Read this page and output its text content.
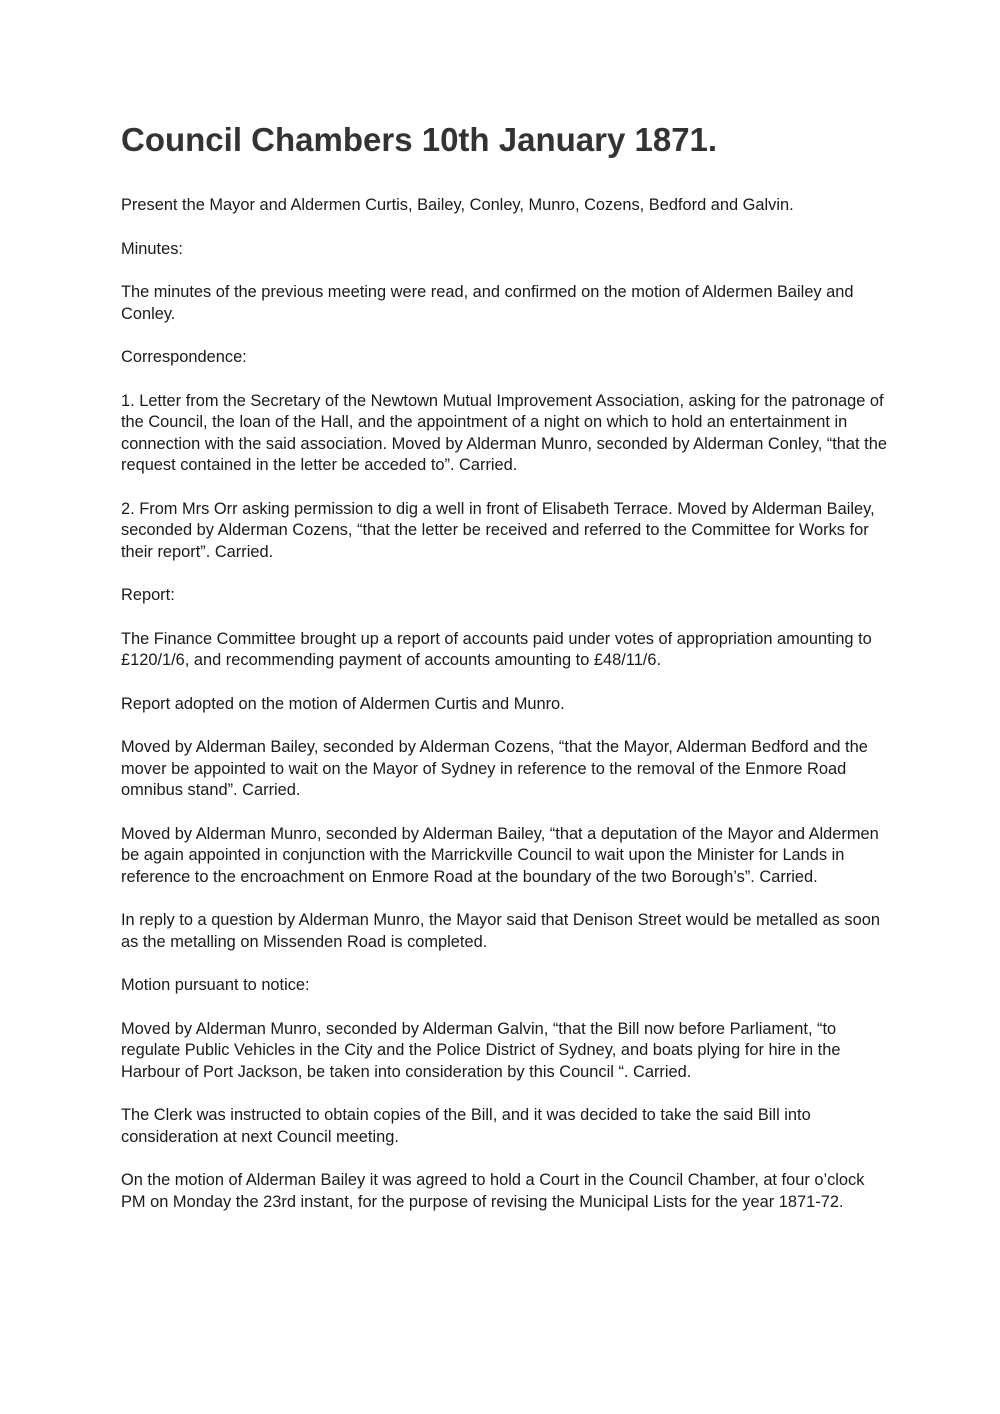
Council Chambers 10th January 1871.

Present the Mayor and Aldermen Curtis, Bailey, Conley, Munro, Cozens, Bedford and Galvin.

Minutes:

The minutes of the previous meeting were read, and confirmed on the motion of Aldermen Bailey and Conley.

Correspondence:

1. Letter from the Secretary of the Newtown Mutual Improvement Association, asking for the patronage of the Council, the loan of the Hall, and the appointment of a night on which to hold an entertainment in connection with the said association. Moved by Alderman Munro, seconded by Alderman Conley, “that the request contained in the letter be acceded to”. Carried.

2. From Mrs Orr asking permission to dig a well in front of Elisabeth Terrace. Moved by Alderman Bailey, seconded by Alderman Cozens, “that the letter be received and referred to the Committee for Works for their report”. Carried.

Report:

The Finance Committee brought up a report of accounts paid under votes of appropriation amounting to £120/1/6, and recommending payment of accounts amounting to £48/11/6.

Report adopted on the motion of Aldermen Curtis and Munro.

Moved by Alderman Bailey, seconded by Alderman Cozens, “that the Mayor, Alderman Bedford and the mover be appointed to wait on the Mayor of Sydney in reference to the removal of the Enmore Road omnibus stand”. Carried.

Moved by Alderman Munro, seconded by Alderman Bailey, “that a deputation of the Mayor and Aldermen be again appointed in conjunction with the Marrickville Council to wait upon the Minister for Lands in reference to the encroachment on Enmore Road at the boundary of the two Borough’s”. Carried.

In reply to a question by Alderman Munro, the Mayor said that Denison Street would be metalled as soon as the metalling on Missenden Road is completed.

Motion pursuant to notice:

Moved by Alderman Munro, seconded by Alderman Galvin, “that the Bill now before Parliament, “to regulate Public Vehicles in the City and the Police District of Sydney, and boats plying for hire in the Harbour of Port Jackson, be taken into consideration by this Council “. Carried.

The Clerk was instructed to obtain copies of the Bill, and it was decided to take the said Bill into consideration at next Council meeting.

On the motion of Alderman Bailey it was agreed to hold a Court in the Council Chamber, at four o’clock PM on Monday the 23rd instant, for the purpose of revising the Municipal Lists for the year 1871-72.
